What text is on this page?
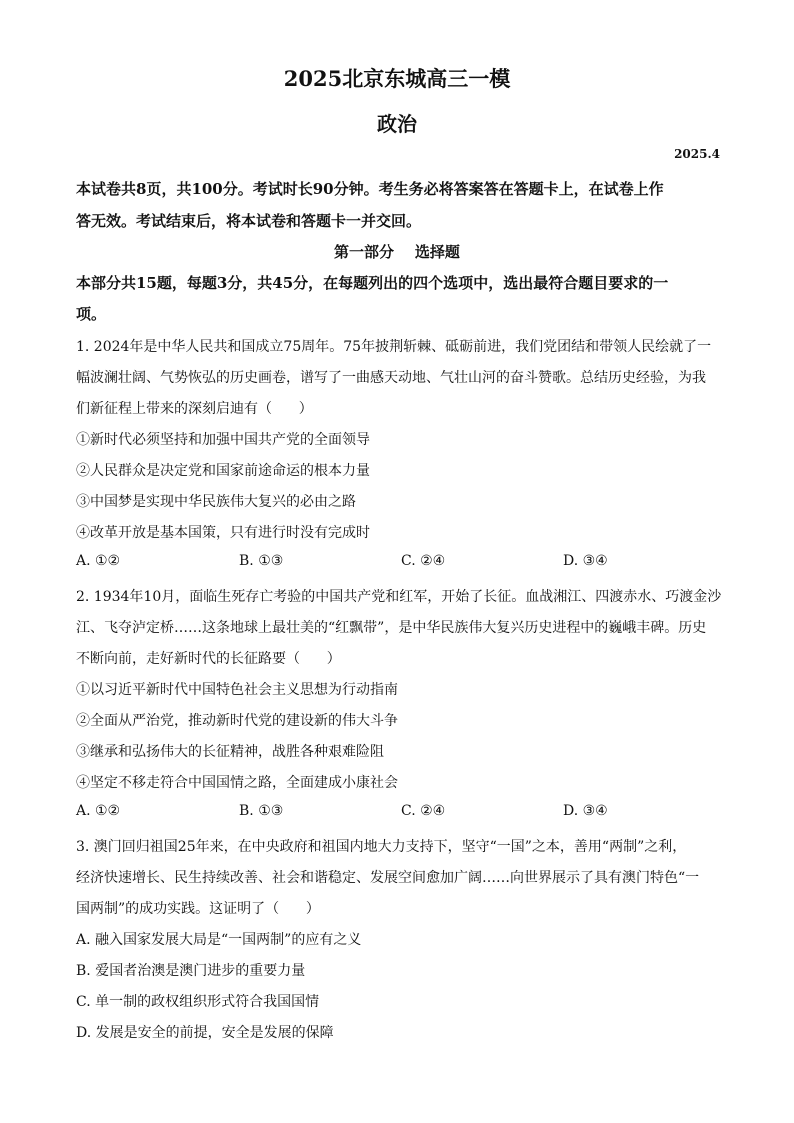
2025北京东城高三一模
政治
2025.4
本试卷共8页，共100分。考试时长90分钟。考生务必将答案答在答题卡上，在试卷上作
答无效。考试结束后，将本试卷和答题卡一并交回。
第一部分    选择题
本部分共15题，每题3分，共45分，在每题列出的四个选项中，选出最符合题目要求的一
项。
1. 2024年是中华人民共和国成立75周年。75年披荆斩棘、砥砺前进，我们党团结和带领人民绘就了一
幅波澜壮阔、气势恢弘的历史画卷，谱写了一曲感天动地、气壮山河的奋斗赞歌。总结历史经验，为我
们新征程上带来的深刻启迪有（      ）
①新时代必须坚持和加强中国共产党的全面领导
②人民群众是决定党和国家前途命运的根本力量
③中国梦是实现中华民族伟大复兴的必由之路
④改革开放是基本国策，只有进行时没有完成时
A. ①②	B. ①③	C. ②④	D. ③④
2. 1934年10月，面临生死存亡考验的中国共产党和红军，开始了长征。血战湘江、四渡赤水、巧渡金沙
江、飞夺泸定桥……这条地球上最壮美的“红飘带”，是中华民族伟大复兴历史进程中的巍峨丰碑。历史
不断向前，走好新时代的长征路要（      ）
①以习近平新时代中国特色社会主义思想为行动指南
②全面从严治党，推动新时代党的建设新的伟大斗争
③继承和弘扬伟大的长征精神，战胜各种艰难险阻
④坚定不移走符合中国国情之路，全面建成小康社会
A. ①②	B. ①③	C. ②④	D. ③④
3. 澳门回归祖国25年来，在中央政府和祖国内地大力支持下，坚守“一国”之本，善用“两制”之利，
经济快速增长、民生持续改善、社会和谐稳定、发展空间愈加广阔……向世界展示了具有澳门特色“一
国两制”的成功实践。这证明了（      ）
A. 融入国家发展大局是“一国两制”的应有之义
B. 爱国者治澳是澳门进步的重要力量
C. 单一制的政权组织形式符合我国国情
D. 发展是安全的前提，安全是发展的保障
